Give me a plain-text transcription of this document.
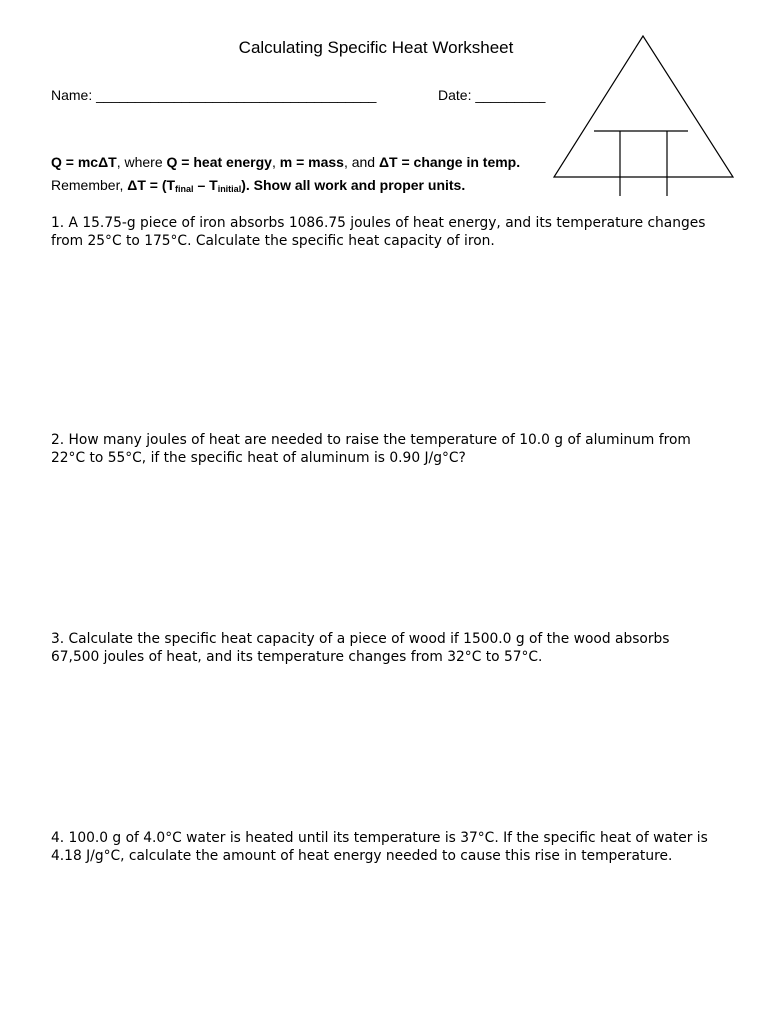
Calculating Specific Heat Worksheet
Name: ____________________________________	Date: _________
Q = mcΔT, where Q = heat energy, m = mass, and ΔT = change in temp.
Remember, $\Delta T = (T_{final} - T_{initial})$. Show all work and proper units.

1. A 15.75-g piece of iron absorbs 1086.75 joules of heat energy, and its temperature changes from 25°C to 175°C. Calculate the specific heat capacity of iron.

2. How many joules of heat are needed to raise the temperature of 10.0 g of aluminum from 22°C to 55°C, if the specific heat of aluminum is 0.90 J/g°C?

3. Calculate the specific heat capacity of a piece of wood if 1500.0 g of the wood absorbs 67,500 joules of heat, and its temperature changes from 32°C to 57°C.

4. 100.0 g of 4.0°C water is heated until its temperature is 37°C. If the specific heat of water is 4.18 J/g°C, calculate the amount of heat energy needed to cause this rise in temperature.
